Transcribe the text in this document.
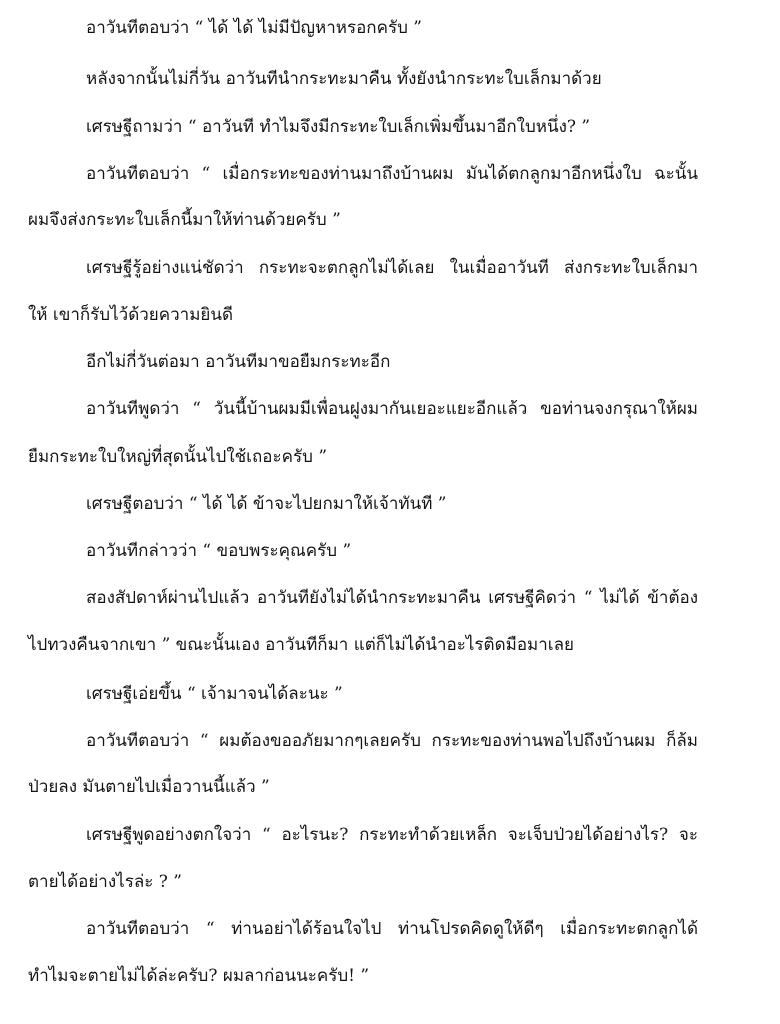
อาวันทีตอบว่า “ ได้ ได้ ไม่มีปัญหาหรอกครับ ”
หลังจากนั้นไม่กี่วัน อาวันทีนำกระทะมาคืน ทั้งยังนำกระทะใบเล็กมาด้วย
เศรษฐีถามว่า “ อาวันที ทำไมจึงมีกระทะใบเล็กเพิ่มขึ้นมาอีกใบหนึ่ง? ”
อาวันทีตอบว่า “ เมื่อกระทะของท่านมาถึงบ้านผม มันได้ตกลูกมาอีกหนึ่งใบ ฉะนั้น
ผมจึงส่งกระทะใบเล็กนี้มาให้ท่านด้วยครับ ”
เศรษฐีรู้อย่างแน่ชัดว่า กระทะจะตกลูกไม่ได้เลย ในเมื่ออาวันที ส่งกระทะใบเล็กมา
ให้ เขาก็รับไว้ด้วยความยินดี
อีกไม่กี่วันต่อมา อาวันทีมาขอยืมกระทะอีก
อาวันทีพูดว่า “ วันนี้บ้านผมมีเพื่อนฝูงมากันเยอะแยะอีกแล้ว ขอท่านจงกรุณาให้ผม
ยืมกระทะใบใหญ่ที่สุดนั้นไปใช้เถอะครับ ”
เศรษฐีตอบว่า “ ได้ ได้ ข้าจะไปยกมาให้เจ้าทันที ”
อาวันทีกล่าวว่า “ ขอบพระคุณครับ ”
สองสัปดาห์ผ่านไปแล้ว อาวันทียังไม่ได้นำกระทะมาคืน เศรษฐีคิดว่า “ ไม่ได้ ข้าต้อง
ไปทวงคืนจากเขา ” ขณะนั้นเอง อาวันทีก็มา แต่ก็ไม่ได้นำอะไรติดมือมาเลย
เศรษฐีเอ่ยขึ้น “ เจ้ามาจนได้ละนะ ”
อาวันทีตอบว่า “ ผมต้องขออภัยมากๆเลยครับ กระทะของท่านพอไปถึงบ้านผม ก็ล้ม
ป่วยลง มันตายไปเมื่อวานนี้แล้ว ”
เศรษฐีพูดอย่างตกใจว่า “ อะไรนะ? กระทะทำด้วยเหล็ก จะเจ็บป่วยได้อย่างไร? จะ
ตายได้อย่างไรล่ะ ? ”
อาวันทีตอบว่า “ ท่านอย่าได้ร้อนใจไป ท่านโปรดคิดดูให้ดีๆ เมื่อกระทะตกลูกได้
ทำไมจะตายไม่ได้ล่ะครับ? ผมลาก่อนนะครับ! ”
